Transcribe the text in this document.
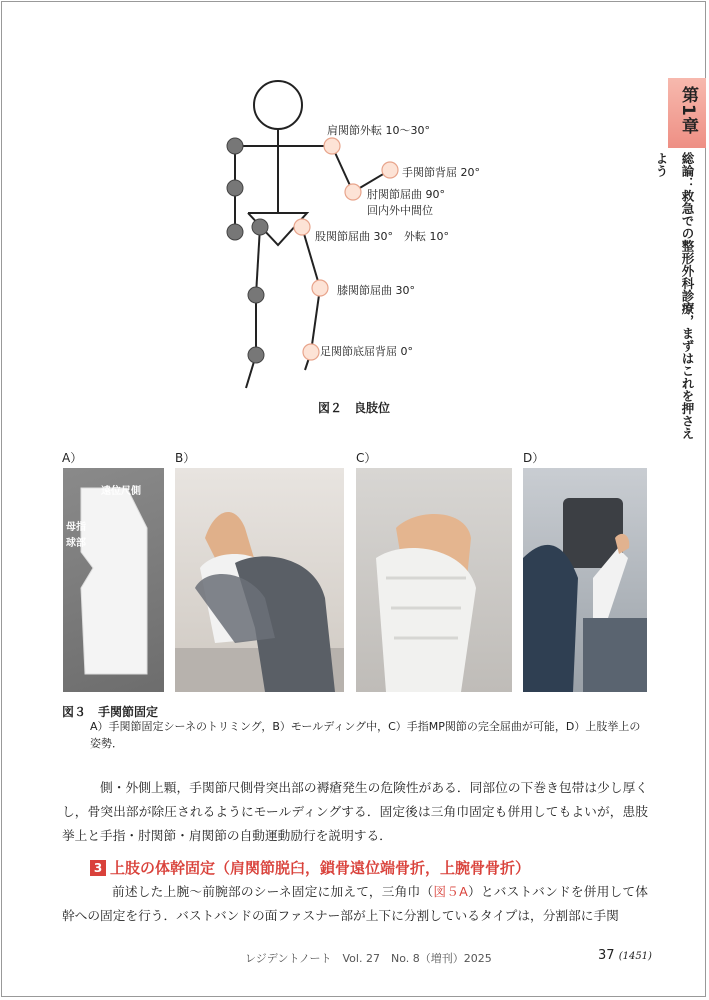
第1章
総論：救急での整形外科診療，まずはこれを押さえよう
肩関節外転 10〜30°
手関節背屈 20°
肘関節屈曲 90°
回内外中間位
股関節屈曲 30°　外転 10°
膝関節屈曲 30°
足関節底屈背屈 0°
図２　良肢位
A）	B）	C）	D）
遠位尺側
母指
球部
図３　手関節固定
A）手関節固定シーネのトリミング，B）モールディング中，C）手指MP関節の完全屈曲が可能，D）上肢挙上の姿勢．
側・外側上顆，手関節尺側骨突出部の褥瘡発生の危険性がある．同部位の下巻き包帯は少し厚くし，骨突出部が除圧されるようにモールディングする．固定後は三角巾固定も併用してもよいが，患肢挙上と手指・肘関節・肩関節の自動運動励行を説明する．
3 上肢の体幹固定（肩関節脱臼，鎖骨遠位端骨折，上腕骨骨折）
前述した上腕〜前腕部のシーネ固定に加えて，三角巾（図５A）とバストバンドを併用して体幹への固定を行う．バストバンドの面ファスナー部が上下に分割しているタイプは，分割部に手関
レジデントノート　Vol. 27　No. 8（増刊）2025	37 (1451)
